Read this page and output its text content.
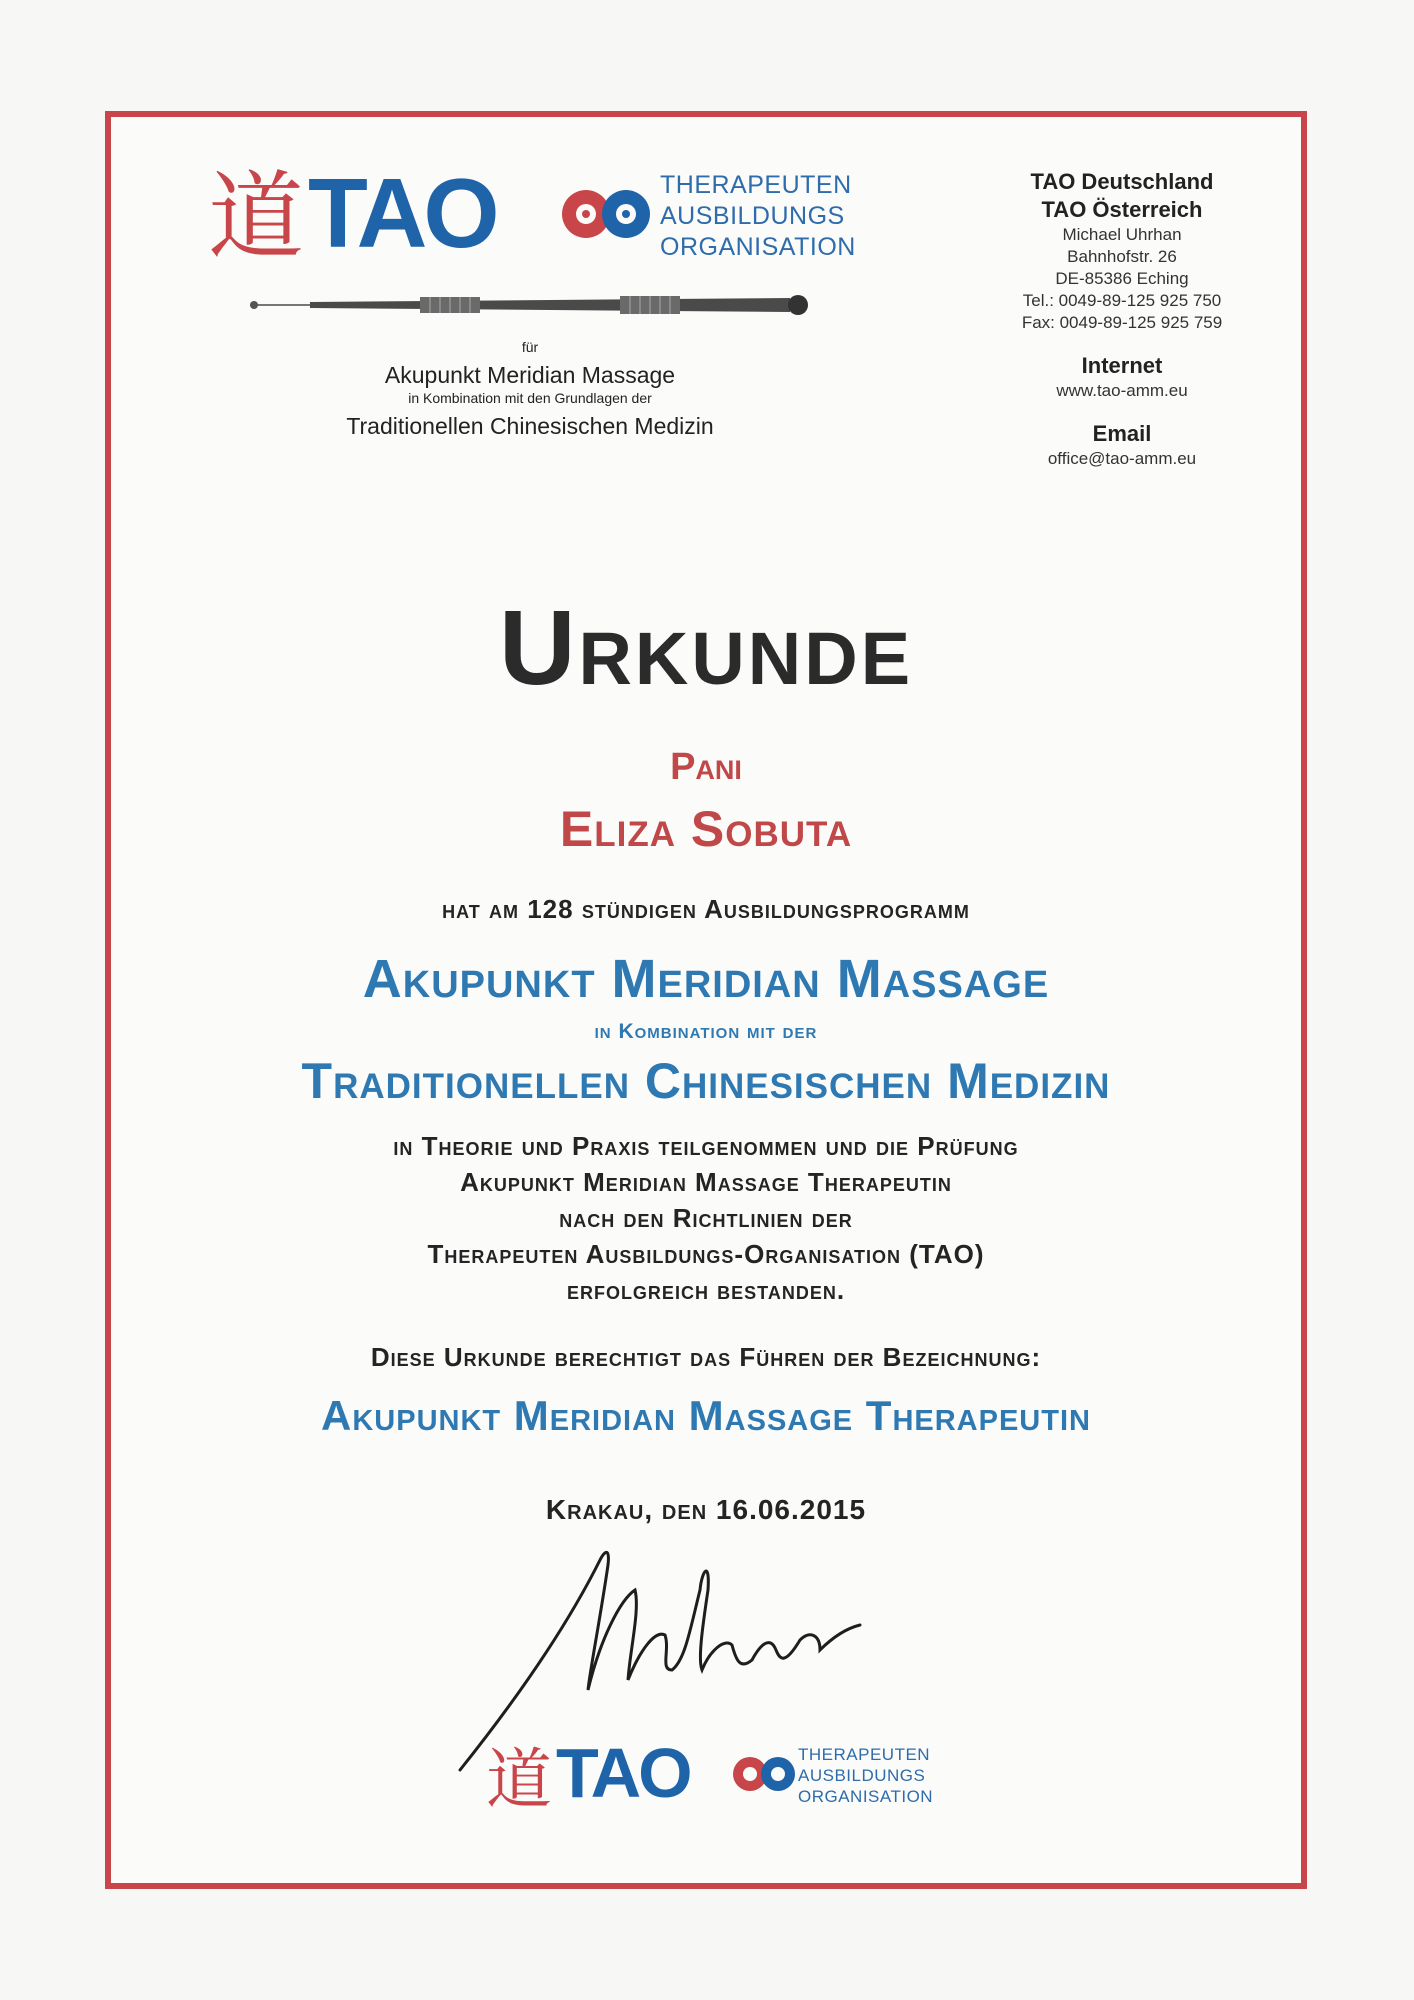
道 TAO	THERAPEUTEN
AUSBILDUNGS
ORGANISATION
für
Akupunkt Meridian Massage
in Kombination mit den Grundlagen der
Traditionellen Chinesischen Medizin
TAO Deutschland
TAO Österreich
Michael Uhrhan
Bahnhofstr. 26
DE-85386 Eching
Tel.: 0049-89-125 925 750
Fax: 0049-89-125 925 759
Internet
www.tao-amm.eu
Email
office@tao-amm.eu
Urkunde
Pani
Eliza Sobuta
hat am 128 stündigen Ausbildungsprogramm
Akupunkt Meridian Massage
in Kombination mit der
Traditionellen Chinesischen Medizin
in Theorie und Praxis teilgenommen und die Prüfung
Akupunkt Meridian Massage Therapeutin
nach den Richtlinien der
Therapeuten Ausbildungs-Organisation (TAO)
erfolgreich bestanden.
Diese Urkunde berechtigt das Führen der Bezeichnung:
Akupunkt Meridian Massage Therapeutin
Krakau, den 16.06.2015
道 TAO	THERAPEUTEN
AUSBILDUNGS
ORGANISATION
